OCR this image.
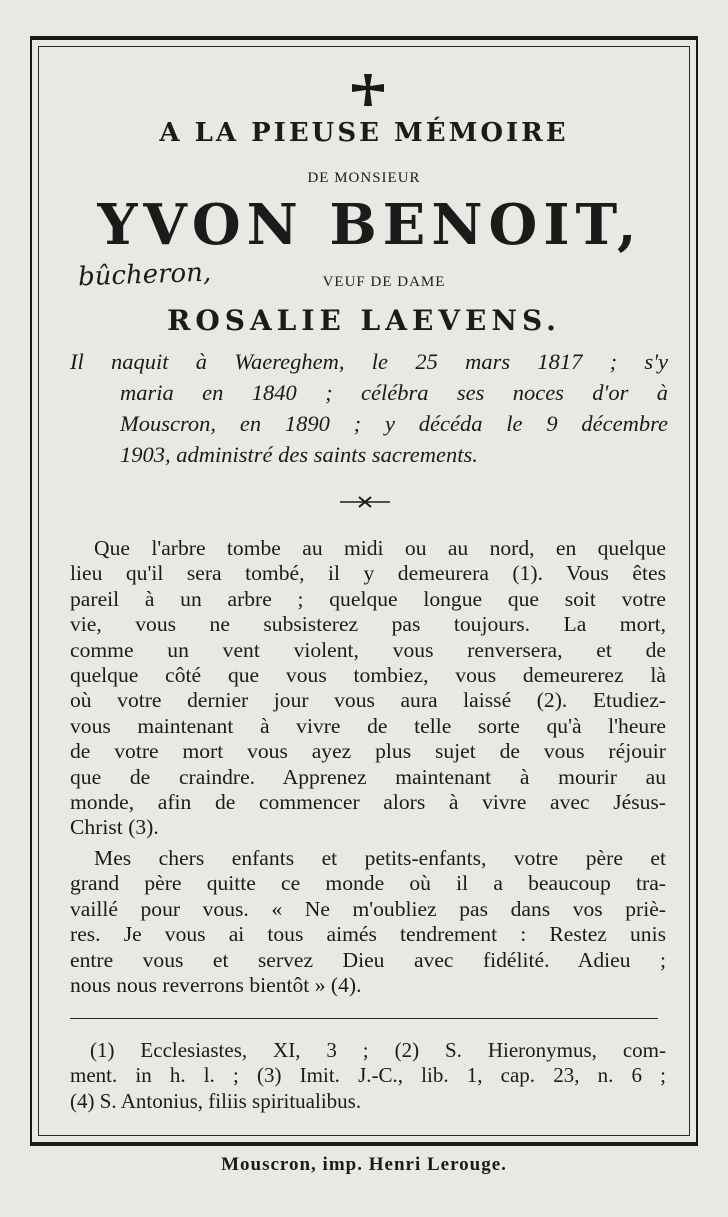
A LA PIEUSE MÉMOIRE
DE MONSIEUR
YVON BENOIT,
bûcheron,	VEUF DE DAME
ROSALIE LAEVENS.

Il naquit à Waereghem, le 25 mars 1817 ; s'y
maria en 1840 ; célébra ses noces d'or à
Mouscron, en 1890 ; y décéda le 9 décembre
1903, administré des saints sacrements.

Que l'arbre tombe au midi ou au nord, en quelque
lieu qu'il sera tombé, il y demeurera (1). Vous êtes
pareil à un arbre ; quelque longue que soit votre
vie, vous ne subsisterez pas toujours. La mort,
comme un vent violent, vous renversera, et de
quelque côté que vous tombiez, vous demeurerez là
où votre dernier jour vous aura laissé (2). Etudiez-
vous maintenant à vivre de telle sorte qu'à l'heure
de votre mort vous ayez plus sujet de vous réjouir
que de craindre. Apprenez maintenant à mourir au
monde, afin de commencer alors à vivre avec Jésus-
Christ (3).

Mes chers enfants et petits-enfants, votre père et
grand père quitte ce monde où il a beaucoup tra-
vaillé pour vous. « Ne m'oubliez pas dans vos priè-
res. Je vous ai tous aimés tendrement : Restez unis
entre vous et servez Dieu avec fidélité. Adieu ;
nous nous reverrons bientôt » (4).

(1) Ecclesiastes, XI, 3 ; (2) S. Hieronymus, com-
ment. in h. l. ; (3) Imit. J.-C., lib. 1, cap. 23, n. 6 ;
(4) S. Antonius, filiis spiritualibus.

Mouscron, imp. Henri Lerouge.
